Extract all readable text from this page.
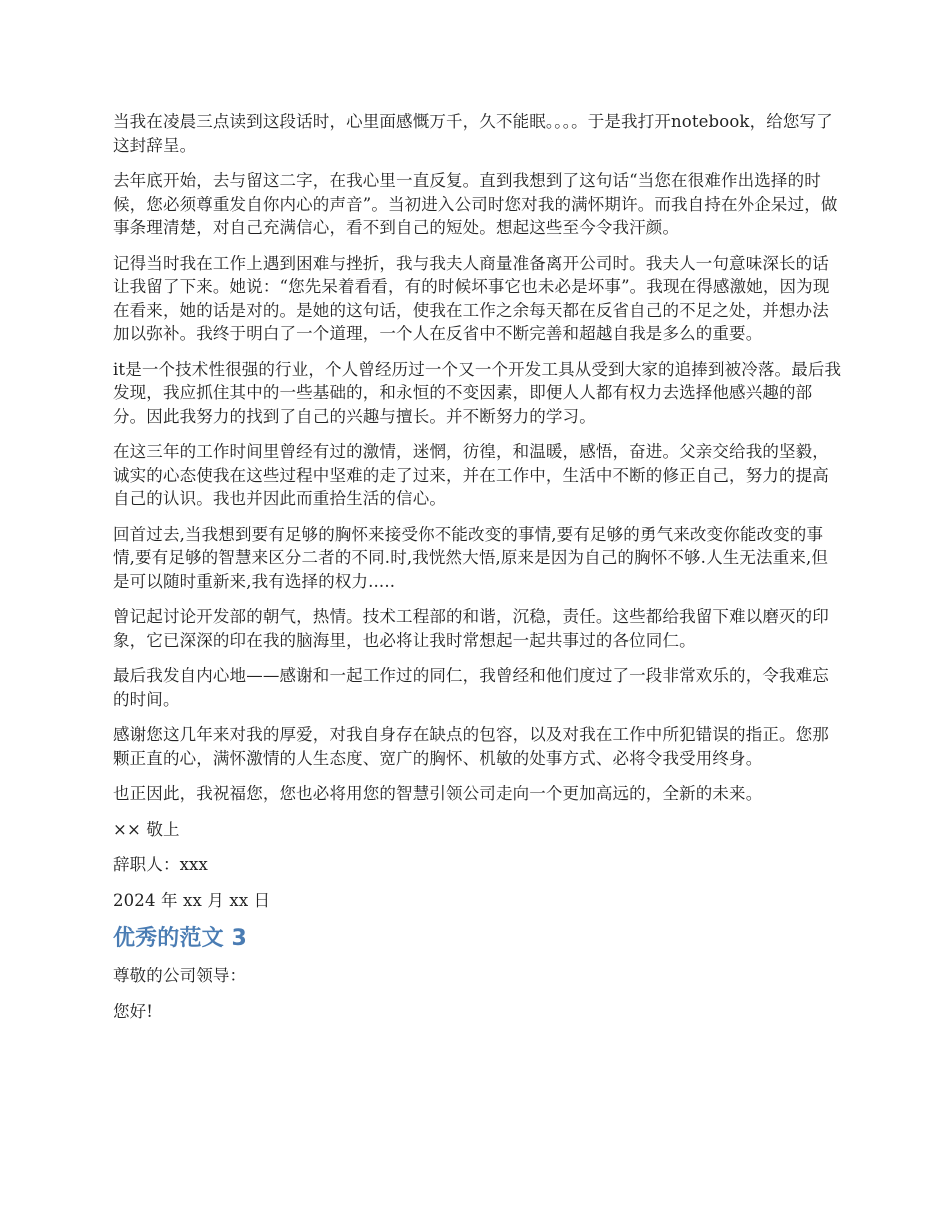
当我在凌晨三点读到这段话时，心里面感慨万千，久不能眠。。。。于是我打开notebook，给您写了这封辞呈。

去年底开始，去与留这二字，在我心里一直反复。直到我想到了这句话“当您在很难作出选择的时候，您必须尊重发自你内心的声音”。当初进入公司时您对我的满怀期许。而我自持在外企呆过，做事条理清楚，对自己充满信心，看不到自己的短处。想起这些至今令我汗颜。

记得当时我在工作上遇到困难与挫折，我与我夫人商量准备离开公司时。我夫人一句意味深长的话让我留了下来。她说：“您先呆着看看，有的时候坏事它也未必是坏事”。我现在得感激她，因为现在看来，她的话是对的。是她的这句话，使我在工作之余每天都在反省自己的不足之处，并想办法加以弥补。我终于明白了一个道理，一个人在反省中不断完善和超越自我是多么的重要。

it是一个技术性很强的行业，个人曾经历过一个又一个开发工具从受到大家的追捧到被冷落。最后我发现，我应抓住其中的一些基础的，和永恒的不变因素，即便人人都有权力去选择他感兴趣的部分。因此我努力的找到了自己的兴趣与擅长。并不断努力的学习。

在这三年的工作时间里曾经有过的激情，迷惘，彷徨，和温暖，感悟，奋进。父亲交给我的坚毅，诚实的心态使我在这些过程中坚难的走了过来，并在工作中，生活中不断的修正自己，努力的提高自己的认识。我也并因此而重拾生活的信心。

回首过去,当我想到要有足够的胸怀来接受你不能改变的事情,要有足够的勇气来改变你能改变的事情,要有足够的智慧来区分二者的不同.时,我恍然大悟,原来是因为自己的胸怀不够.人生无法重来,但是可以随时重新来,我有选择的权力.....

曾记起讨论开发部的朝气，热情。技术工程部的和谐，沉稳，责任。这些都给我留下难以磨灭的印象，它已深深的印在我的脑海里，也必将让我时常想起一起共事过的各位同仁。

最后我发自内心地——感谢和一起工作过的同仁，我曾经和他们度过了一段非常欢乐的，令我难忘的时间。

感谢您这几年来对我的厚爱，对我自身存在缺点的包容，以及对我在工作中所犯错误的指正。您那颗正直的心，满怀激情的人生态度、宽广的胸怀、机敏的处事方式、必将令我受用终身。

也正因此，我祝福您，您也必将用您的智慧引领公司走向一个更加高远的，全新的未来。

×× 敬上

辞职人：xxx

2024 年 xx 月 xx 日

优秀的范文 3

尊敬的公司领导：

您好!
